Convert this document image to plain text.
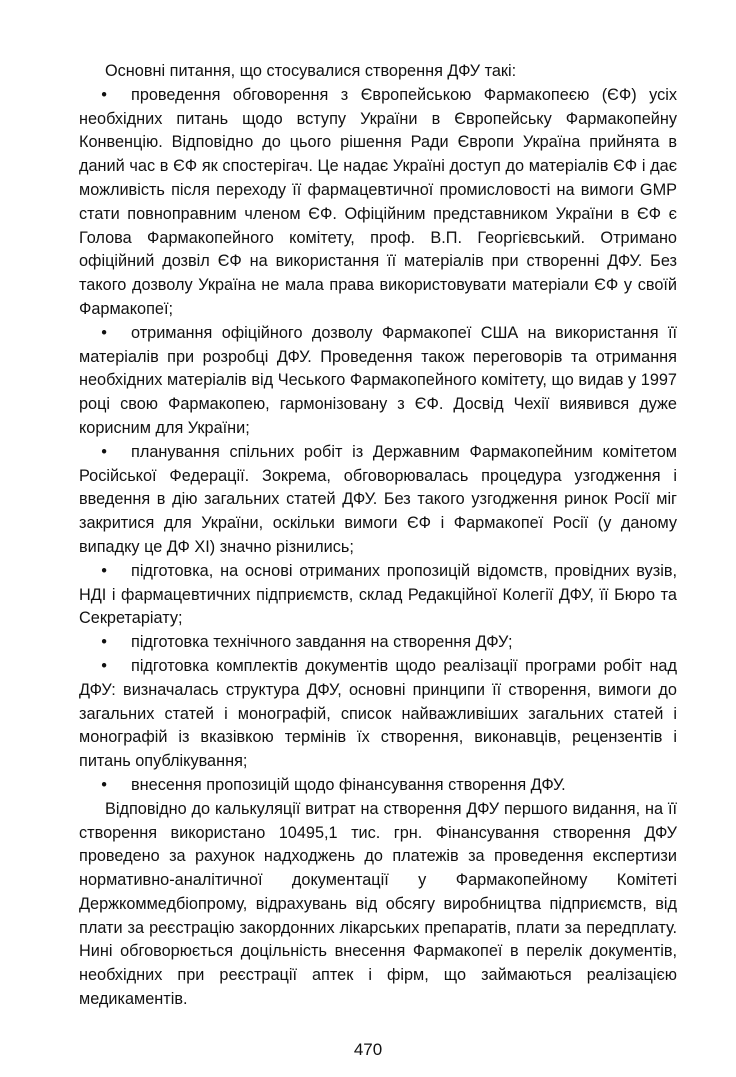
Основні питання, що стосувалися створення ДФУ такі:

• проведення обговорення з Європейською Фармакопеєю (ЄФ) усіх необхідних питань щодо вступу України в Європейську Фармакопейну Конвенцію. Відповідно до цього рішення Ради Європи Україна прийнята в даний час в ЄФ як спостерігач. Це надає Україні доступ до матеріалів ЄФ і дає можливість після переходу її фармацевтичної промисловості на вимоги GMP стати повноправним членом ЄФ. Офіційним представником України в ЄФ є Голова Фармакопейного комітету, проф. В.П. Георгієвський. Отримано офіційний дозвіл ЄФ на використання її матеріалів при створенні ДФУ. Без такого дозволу Україна не мала права використовувати матеріали ЄФ у своїй Фармакопеї;

• отримання офіційного дозволу Фармакопеї США на використання її матеріалів при розробці ДФУ. Проведення також переговорів та отримання необхідних матеріалів від Чеського Фармакопейного комітету, що видав у 1997 році свою Фармакопею, гармонізовану з ЄФ. Досвід Чехії виявився дуже корисним для України;

• планування спільних робіт із Державним Фармакопейним комітетом Російської Федерації. Зокрема, обговорювалась процедура узгодження і введення в дію загальних статей ДФУ. Без такого узгодження ринок Росії міг закритися для України, оскільки вимоги ЄФ і Фармакопеї Росії (у даному випадку це ДФ XI) значно різнились;

• підготовка, на основі отриманих пропозицій відомств, провідних вузів, НДІ і фармацевтичних підприємств, склад Редакційної Колегії ДФУ, її Бюро та Секретаріату;

• підготовка технічного завдання на створення ДФУ;

• підготовка комплектів документів щодо реалізації програми робіт над ДФУ: визначалась структура ДФУ, основні принципи її створення, вимоги до загальних статей і монографій, список найважливіших загальних статей і монографій із вказівкою термінів їх створення, виконавців, рецензентів і питань опублікування;

• внесення пропозицій щодо фінансування створення ДФУ.

Відповідно до калькуляції витрат на створення ДФУ першого видання, на її створення використано 10495,1 тис. грн. Фінансування створення ДФУ проведено за рахунок надходжень до платежів за проведення експертизи нормативно-аналітичної документації у Фармакопейному Комітеті Держкоммедбіопрому, відрахувань від обсягу виробництва підприємств, від плати за реєстрацію закордонних лікарських препаратів, плати за передплату. Нині обговорюється доцільність внесення Фармакопеї в перелік документів, необхідних при реєстрації аптек і фірм, що займаються реалізацією медикаментів.

470
